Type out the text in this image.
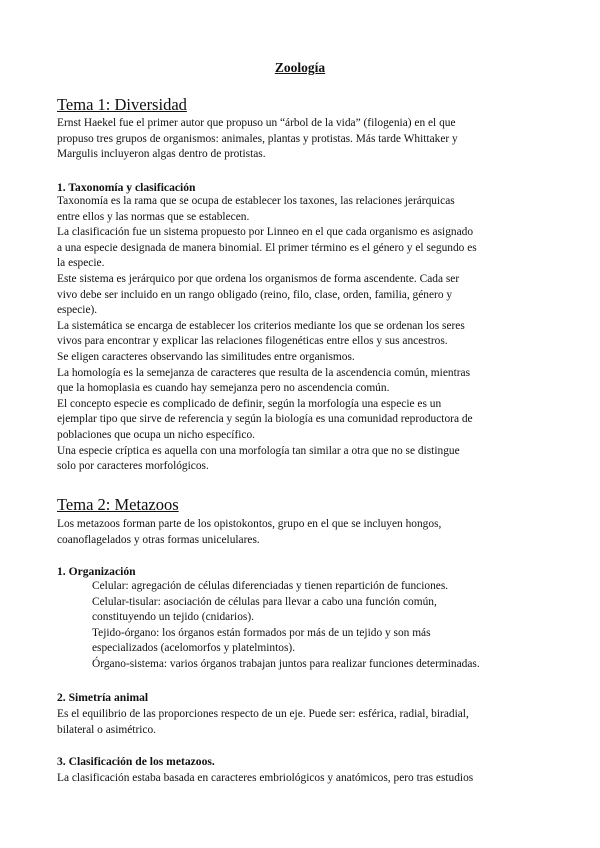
Zoología
Tema 1: Diversidad
Ernst Haekel fue el primer autor que propuso un “árbol de la vida” (filogenia) en el que
propuso tres grupos de organismos: animales, plantas y protistas. Más tarde Whittaker y
Margulis incluyeron algas dentro de protistas.
1. Taxonomía y clasificación
Taxonomía es la rama que se ocupa de establecer los taxones, las relaciones jerárquicas
entre ellos y las normas que se establecen.
La clasificación fue un sistema propuesto por Linneo en el que cada organismo es asignado
a una especie designada de manera binomial. El primer término es el género y el segundo es
la especie.
Este sistema es jerárquico por que ordena los organismos de forma ascendente. Cada ser
vivo debe ser incluido en un rango obligado (reino, filo, clase, orden, familia, género y
especie).
La sistemática se encarga de establecer los criterios mediante los que se ordenan los seres
vivos para encontrar y explicar las relaciones filogenéticas entre ellos y sus ancestros.
Se eligen caracteres observando las similitudes entre organismos.
La homología es la semejanza de caracteres que resulta de la ascendencia común, mientras
que la homoplasia es cuando hay semejanza pero no ascendencia común.
El concepto especie es complicado de definir, según la morfología una especie es un
ejemplar tipo que sirve de referencia y según la biología es una comunidad reproductora de
poblaciones que ocupa un nicho específico.
Una especie críptica es aquella con una morfología tan similar a otra que no se distingue
solo por caracteres morfológicos.
Tema 2: Metazoos
Los metazoos forman parte de los opistokontos, grupo en el que se incluyen hongos,
coanoflagelados y otras formas unicelulares.
1. Organización
Celular: agregación de células diferenciadas y tienen repartición de funciones.
Celular-tisular: asociación de células para llevar a cabo una función común,
constituyendo un tejido (cnidarios).
Tejido-órgano: los órganos están formados por más de un tejido y son más
especializados (acelomorfos y platelmintos).
Órgano-sistema: varios órganos trabajan juntos para realizar funciones determinadas.
2. Simetría animal
Es el equilibrio de las proporciones respecto de un eje. Puede ser: esférica, radial, biradial,
bilateral o asimétrico.
3. Clasificación de los metazoos.
La clasificación estaba basada en caracteres embriológicos y anatómicos, pero tras estudios
